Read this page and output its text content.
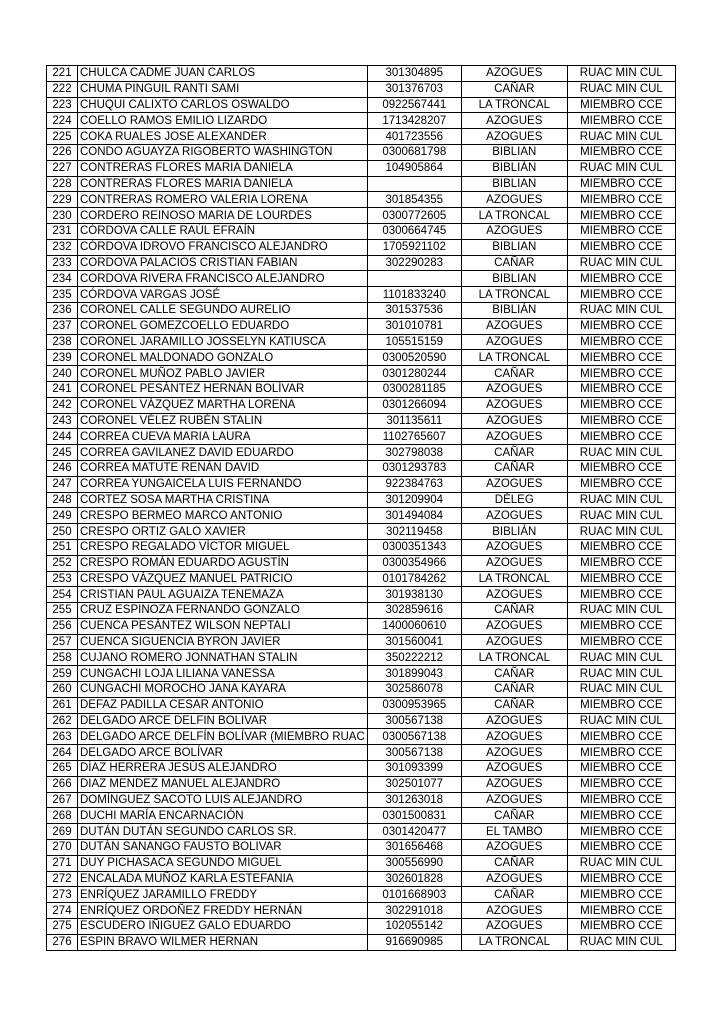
221	CHULCA CADME JUAN CARLOS	301304895	AZOGUES	RUAC MIN CUL
222	CHUMA PINGUIL RANTI SAMI	301376703	CAÑAR	RUAC MIN CUL
223	CHUQUI CALIXTO CARLOS OSWALDO	0922567441	LA TRONCAL	MIEMBRO CCE
224	COELLO RAMOS EMILIO LIZARDO	1713428207	AZOGUES	MIEMBRO CCE
225	COKA RUALES JOSE ALEXANDER	401723556	AZOGUES	RUAC MIN CUL
226	CONDO AGUAYZA RIGOBERTO WASHINGTON	0300681798	BIBLIAN	MIEMBRO CCE
227	CONTRERAS FLORES MARIA DANIELA	104905864	BIBLIÁN	RUAC MIN CUL
228	CONTRERAS FLORES MARIA DANIELA		BIBLIAN	MIEMBRO CCE
229	CONTRERAS ROMERO VALERIA LORENA	301854355	AZOGUES	MIEMBRO CCE
230	CORDERO REINOSO MARIA DE LOURDES	0300772605	LA TRONCAL	MIEMBRO CCE
231	CÓRDOVA CALLE RAÚL EFRAÍN	0300664745	AZOGUES	MIEMBRO CCE
232	CÓRDOVA IDROVO FRANCISCO ALEJANDRO	1705921102	BIBLIAN	MIEMBRO CCE
233	CORDOVA PALACIOS CRISTIAN FABIAN	302290283	CAÑAR	RUAC MIN CUL
234	CORDOVA RIVERA FRANCISCO ALEJANDRO		BIBLIAN	MIEMBRO CCE
235	CÓRDOVA VARGAS JOSÉ	1101833240	LA TRONCAL	MIEMBRO CCE
236	CORONEL CALLE SEGUNDO AURELIO	301537536	BIBLIÁN	RUAC MIN CUL
237	CORONEL GOMEZCOELLO EDUARDO	301010781	AZOGUES	MIEMBRO CCE
238	CORONEL JARAMILLO JOSSELYN KATIUSCA	105515159	AZOGUES	MIEMBRO CCE
239	CORONEL MALDONADO GONZALO	0300520590	LA TRONCAL	MIEMBRO CCE
240	CORONEL MUÑOZ PABLO JAVIER	0301280244	CAÑAR	MIEMBRO CCE
241	CORONEL PESÁNTEZ HERNÁN BOLÍVAR	0300281185	AZOGUES	MIEMBRO CCE
242	CORONEL VÁZQUEZ MARTHA LORENA	0301266094	AZOGUES	MIEMBRO CCE
243	CORONEL VÉLEZ RUBÉN STALIN	301135611	AZOGUES	MIEMBRO CCE
244	CORREA CUEVA MARIA LAURA	1102765607	AZOGUES	MIEMBRO CCE
245	CORREA GAVILANEZ DAVID EDUARDO	302798038	CAÑAR	RUAC MIN CUL
246	CORREA MATUTE RENÁN DAVID	0301293783	CAÑAR	MIEMBRO CCE
247	CORREA YUNGAICELA LUIS FERNANDO	922384763	AZOGUES	MIEMBRO CCE
248	CORTEZ SOSA MARTHA CRISTINA	301209904	DÉLEG	RUAC MIN CUL
249	CRESPO BERMEO MARCO ANTONIO	301494084	AZOGUES	RUAC MIN CUL
250	CRESPO ORTIZ GALO XAVIER	302119458	BIBLIÁN	RUAC MIN CUL
251	CRESPO REGALADO VÍCTOR MIGUEL	0300351343	AZOGUES	MIEMBRO CCE
252	CRESPO ROMÁN EDUARDO AGUSTÍN	0300354966	AZOGUES	MIEMBRO CCE
253	CRESPO VÁZQUEZ MANUEL PATRICIO	0101784262	LA TRONCAL	MIEMBRO CCE
254	CRISTIAN PAUL AGUAIZA TENEMAZA	301938130	AZOGUES	MIEMBRO CCE
255	CRUZ ESPINOZA FERNANDO GONZALO	302859616	CAÑAR	RUAC MIN CUL
256	CUENCA PESÁNTEZ WILSON NEPTALI	1400060610	AZOGUES	MIEMBRO CCE
257	CUENCA SIGUENCIA BYRON JAVIER	301560041	AZOGUES	MIEMBRO CCE
258	CUJANO ROMERO JONNATHAN STALIN	350222212	LA TRONCAL	RUAC MIN CUL
259	CUNGACHI LOJA LILIANA VANESSA	301899043	CAÑAR	RUAC MIN CUL
260	CUNGACHI MOROCHO JANA KAYARA	302586078	CAÑAR	RUAC MIN CUL
261	DEFAZ PADILLA CESAR ANTONIO	0300953965	CAÑAR	MIEMBRO CCE
262	DELGADO ARCE DELFIN BOLIVAR	300567138	AZOGUES	RUAC MIN CUL
263	DELGADO ARCE DELFÍN BOLÍVAR (MIEMBRO RUAC	0300567138	AZOGUES	MIEMBRO CCE
264	DELGADO ARCE BOLÍVAR	300567138	AZOGUES	MIEMBRO CCE
265	DÍAZ HERRERA JESÚS ALEJANDRO	301093399	AZOGUES	MIEMBRO CCE
266	DIAZ MENDEZ MANUEL ALEJANDRO	302501077	AZOGUES	MIEMBRO CCE
267	DOMÍNGUEZ SACOTO LUIS ALEJANDRO	301263018	AZOGUES	MIEMBRO CCE
268	DUCHI MARÍA ENCARNACIÓN	0301500831	CAÑAR	MIEMBRO CCE
269	DUTÁN DUTÁN SEGUNDO CARLOS SR.	0301420477	EL TAMBO	MIEMBRO CCE
270	DUTÁN SANANGO FAUSTO BOLIVAR	301656468	AZOGUES	MIEMBRO CCE
271	DUY PICHASACA SEGUNDO MIGUEL	300556990	CAÑAR	RUAC MIN CUL
272	ENCALADA MUÑOZ KARLA ESTEFANIA	302601828	AZOGUES	MIEMBRO CCE
273	ENRÍQUEZ JARAMILLO FREDDY	0101668903	CAÑAR	MIEMBRO CCE
274	ENRÍQUEZ ORDOÑEZ FREDDY HERNÁN	302291018	AZOGUES	MIEMBRO CCE
275	ESCUDERO IÑIGUEZ GALO EDUARDO	102055142	AZOGUES	MIEMBRO CCE
276	ESPIN BRAVO WILMER HERNAN	916690985	LA TRONCAL	RUAC MIN CUL
